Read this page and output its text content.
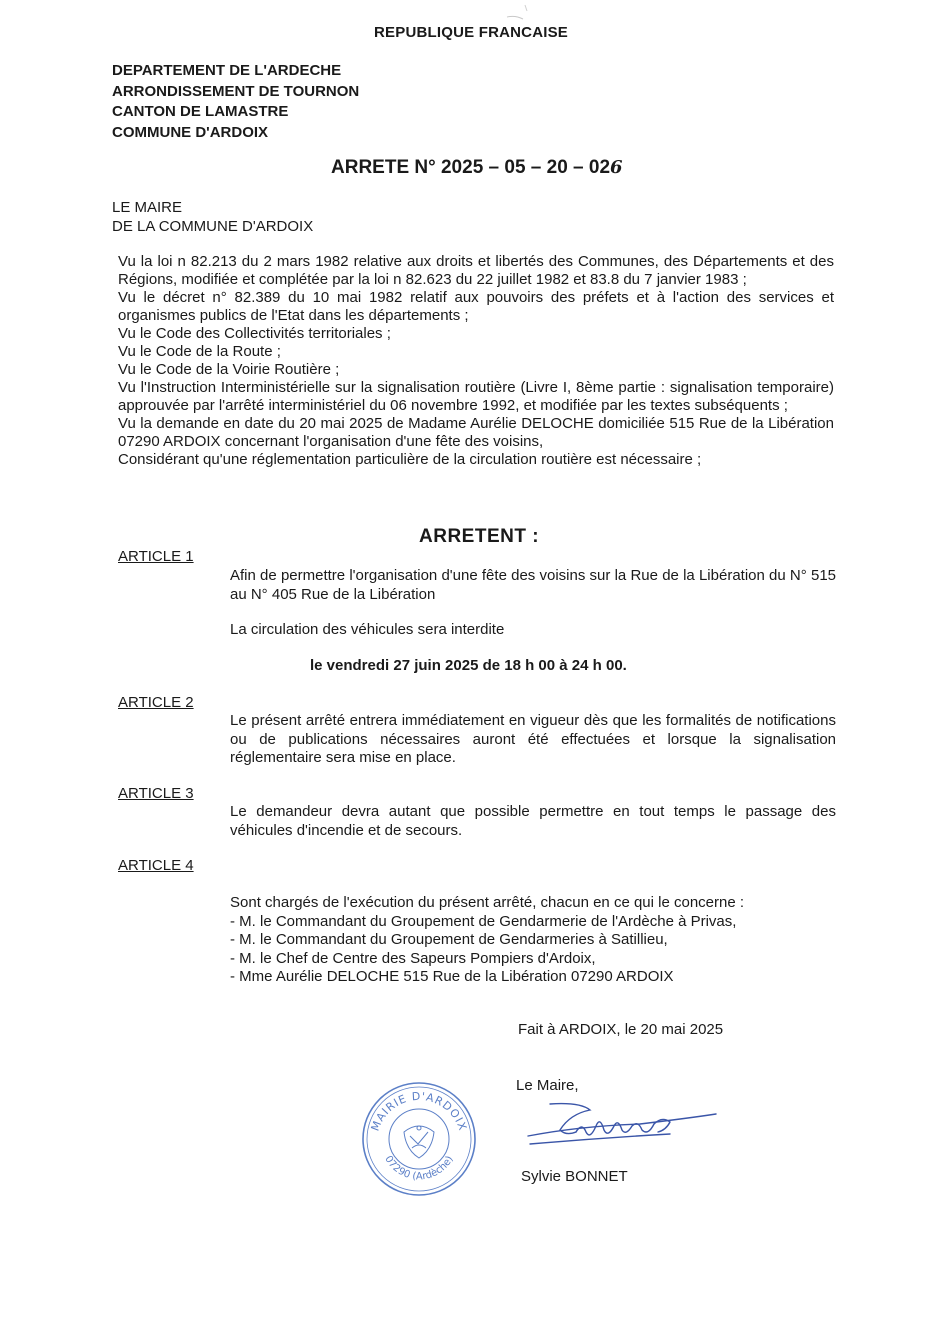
REPUBLIQUE FRANCAISE
DEPARTEMENT DE L'ARDECHE
ARRONDISSEMENT DE TOURNON
CANTON DE LAMASTRE
COMMUNE D'ARDOIX
ARRETE N° 2025 – 05 – 20 – 026
LE MAIRE
DE LA COMMUNE D'ARDOIX

Vu la loi n 82.213 du 2 mars 1982 relative aux droits et libertés des Communes, des Départements et des Régions, modifiée et complétée par la loi n 82.623 du 22 juillet 1982 et 83.8 du 7 janvier 1983 ;

Vu le décret n° 82.389 du 10 mai 1982 relatif aux pouvoirs des préfets et à l'action des services et organismes publics de l'Etat dans les départements ;

Vu le Code des Collectivités territoriales ;

Vu le Code de la Route ;

Vu le Code de la Voirie Routière ;

Vu l'Instruction Interministérielle sur la signalisation routière (Livre I, 8ème partie : signalisation temporaire) approuvée par l'arrêté interministériel du 06 novembre 1992, et modifiée par les textes subséquents ;

Vu la demande en date du 20 mai 2025 de Madame Aurélie DELOCHE domiciliée 515 Rue de la Libération 07290 ARDOIX concernant l'organisation d'une fête des voisins,

Considérant qu'une réglementation particulière de la circulation routière est nécessaire ;

ARRETENT :
ARTICLE 1

Afin de permettre l'organisation d'une fête des voisins sur la Rue de la Libération du N° 515 au N° 405 Rue de la Libération

La circulation des véhicules sera interdite

le vendredi 27 juin 2025 de 18 h 00 à 24 h 00.
ARTICLE 2

Le présent arrêté entrera immédiatement en vigueur dès que les formalités de notifications ou de publications nécessaires auront été effectuées et lorsque la signalisation réglementaire sera mise en place.

ARTICLE 3

Le demandeur devra autant que possible permettre en tout temps le passage des véhicules d'incendie et de secours.

ARTICLE 4

Sont chargés de l'exécution du présent arrêté, chacun en ce qui le concerne :

- M. le Commandant du Groupement de Gendarmerie de l'Ardèche à Privas,

- M. le Commandant du Groupement de Gendarmeries à Satillieu,

- M. le Chef de Centre des Sapeurs Pompiers d'Ardoix,

- Mme Aurélie DELOCHE 515 Rue de la Libération 07290 ARDOIX

Fait à ARDOIX, le 20 mai 2025
Le Maire,
MAIRIE D'ARDOIX
07290 (Ardèche)
Sylvie BONNET
